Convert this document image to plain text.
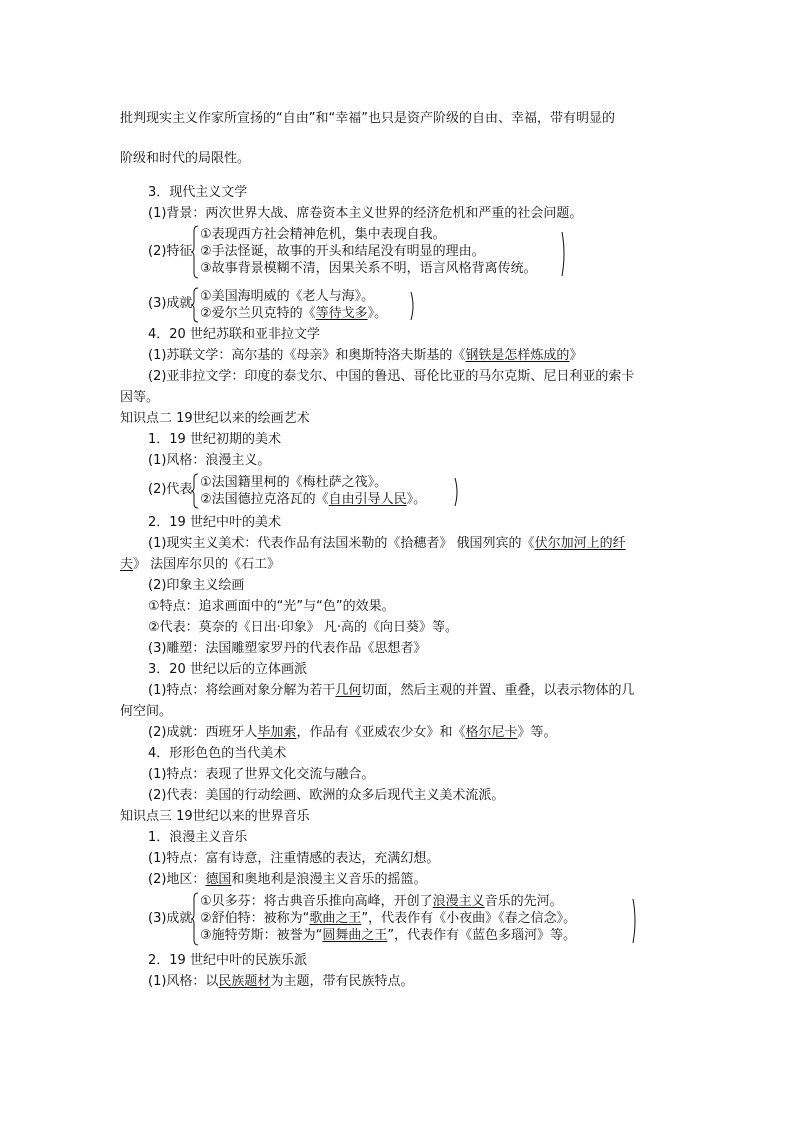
批判现实主义作家所宣扬的“自由”和“幸福”也只是资产阶级的自由、幸福，带有明显的
阶级和时代的局限性。
3．现代主义文学
(1)背景：两次世界大战、席卷资本主义世界的经济危机和严重的社会问题。
(2)特征
①表现西方社会精神危机，集中表现自我。
②手法怪诞，故事的开头和结尾没有明显的理由。
③故事背景模糊不清，因果关系不明，语言风格背离传统。
(3)成就 ①美国海明威的《老人与海》。
②爱尔兰贝克特的《等待戈多》。
4．20 世纪苏联和亚非拉文学
(1)苏联文学：高尔基的《母亲》和奥斯特洛夫斯基的《钢铁是怎样炼成的》
(2)亚非拉文学：印度的泰戈尔、中国的鲁迅、哥伦比亚的马尔克斯、尼日利亚的索卡
因等。
知识点二 19世纪以来的绘画艺术
1．19 世纪初期的美术
(1)风格：浪漫主义。
(2)代表 ①法国籍里柯的《梅杜萨之筏》。
②法国德拉克洛瓦的《自由引导人民》。
2．19 世纪中叶的美术
(1)现实主义美术：代表作品有法国米勒的《拾穗者》 俄国列宾的《伏尔加河上的纤
夫》 法国库尔贝的《石工》
(2)印象主义绘画
①特点：追求画面中的“光”与“色”的效果。
②代表：莫奈的《日出·印象》 凡·高的《向日葵》等。
(3)雕塑：法国雕塑家罗丹的代表作品《思想者》
3．20 世纪以后的立体画派
(1)特点：将绘画对象分解为若干几何切面，然后主观的并置、重叠，以表示物体的几
何空间。
(2)成就：西班牙人毕加索，作品有《亚威农少女》和《格尔尼卡》等。
4．形形色色的当代美术
(1)特点：表现了世界文化交流与融合。
(2)代表：美国的行动绘画、欧洲的众多后现代主义美术流派。
知识点三 19世纪以来的世界音乐
1．浪漫主义音乐
(1)特点：富有诗意，注重情感的表达，充满幻想。
(2)地区：德国和奥地利是浪漫主义音乐的摇篮。
(3)成就
①贝多芬：将古典音乐推向高峰，开创了浪漫主义音乐的先河。
②舒伯特：被称为“歌曲之王”，代表作有《小夜曲》《春之信念》。
③施特劳斯：被誉为“圆舞曲之王”，代表作有《蓝色多瑙河》等。
2．19 世纪中叶的民族乐派
(1)风格：以民族题材为主题，带有民族特点。
